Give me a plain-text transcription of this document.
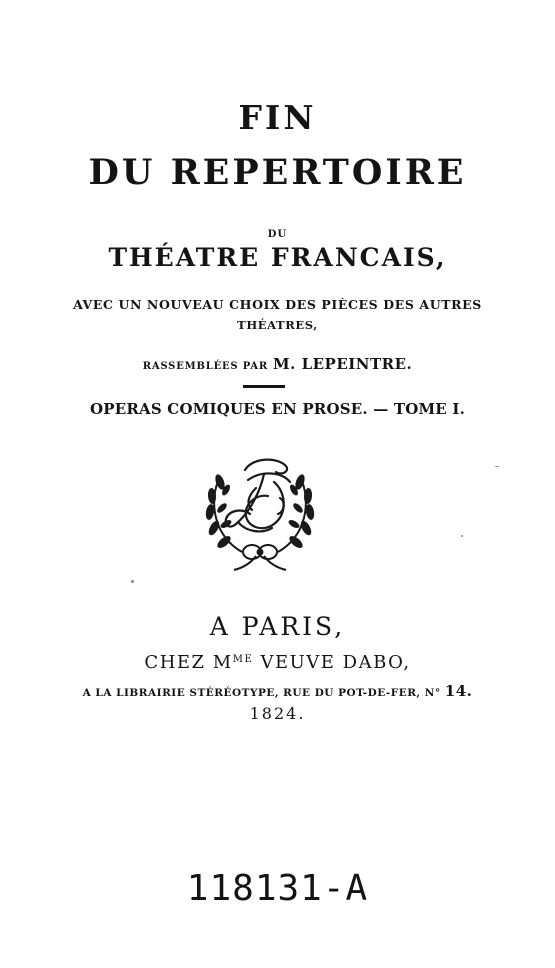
FIN
DU REPERTOIRE
DU
THÉATRE FRANCAIS,
AVEC UN NOUVEAU CHOIX DES PIÈCES DES AUTRES
THÉATRES,
RASSEMBLÉES PAR M. LEPEINTRE.
OPERAS COMIQUES EN PROSE. — TOME I.
A PARIS,
CHEZ $M^{ME}$ VEUVE DABO,
A LA LIBRAIRIE STÉRÉOTYPE, RUE DU POT-DE-FER, N° 14.
1824.
118131-A
